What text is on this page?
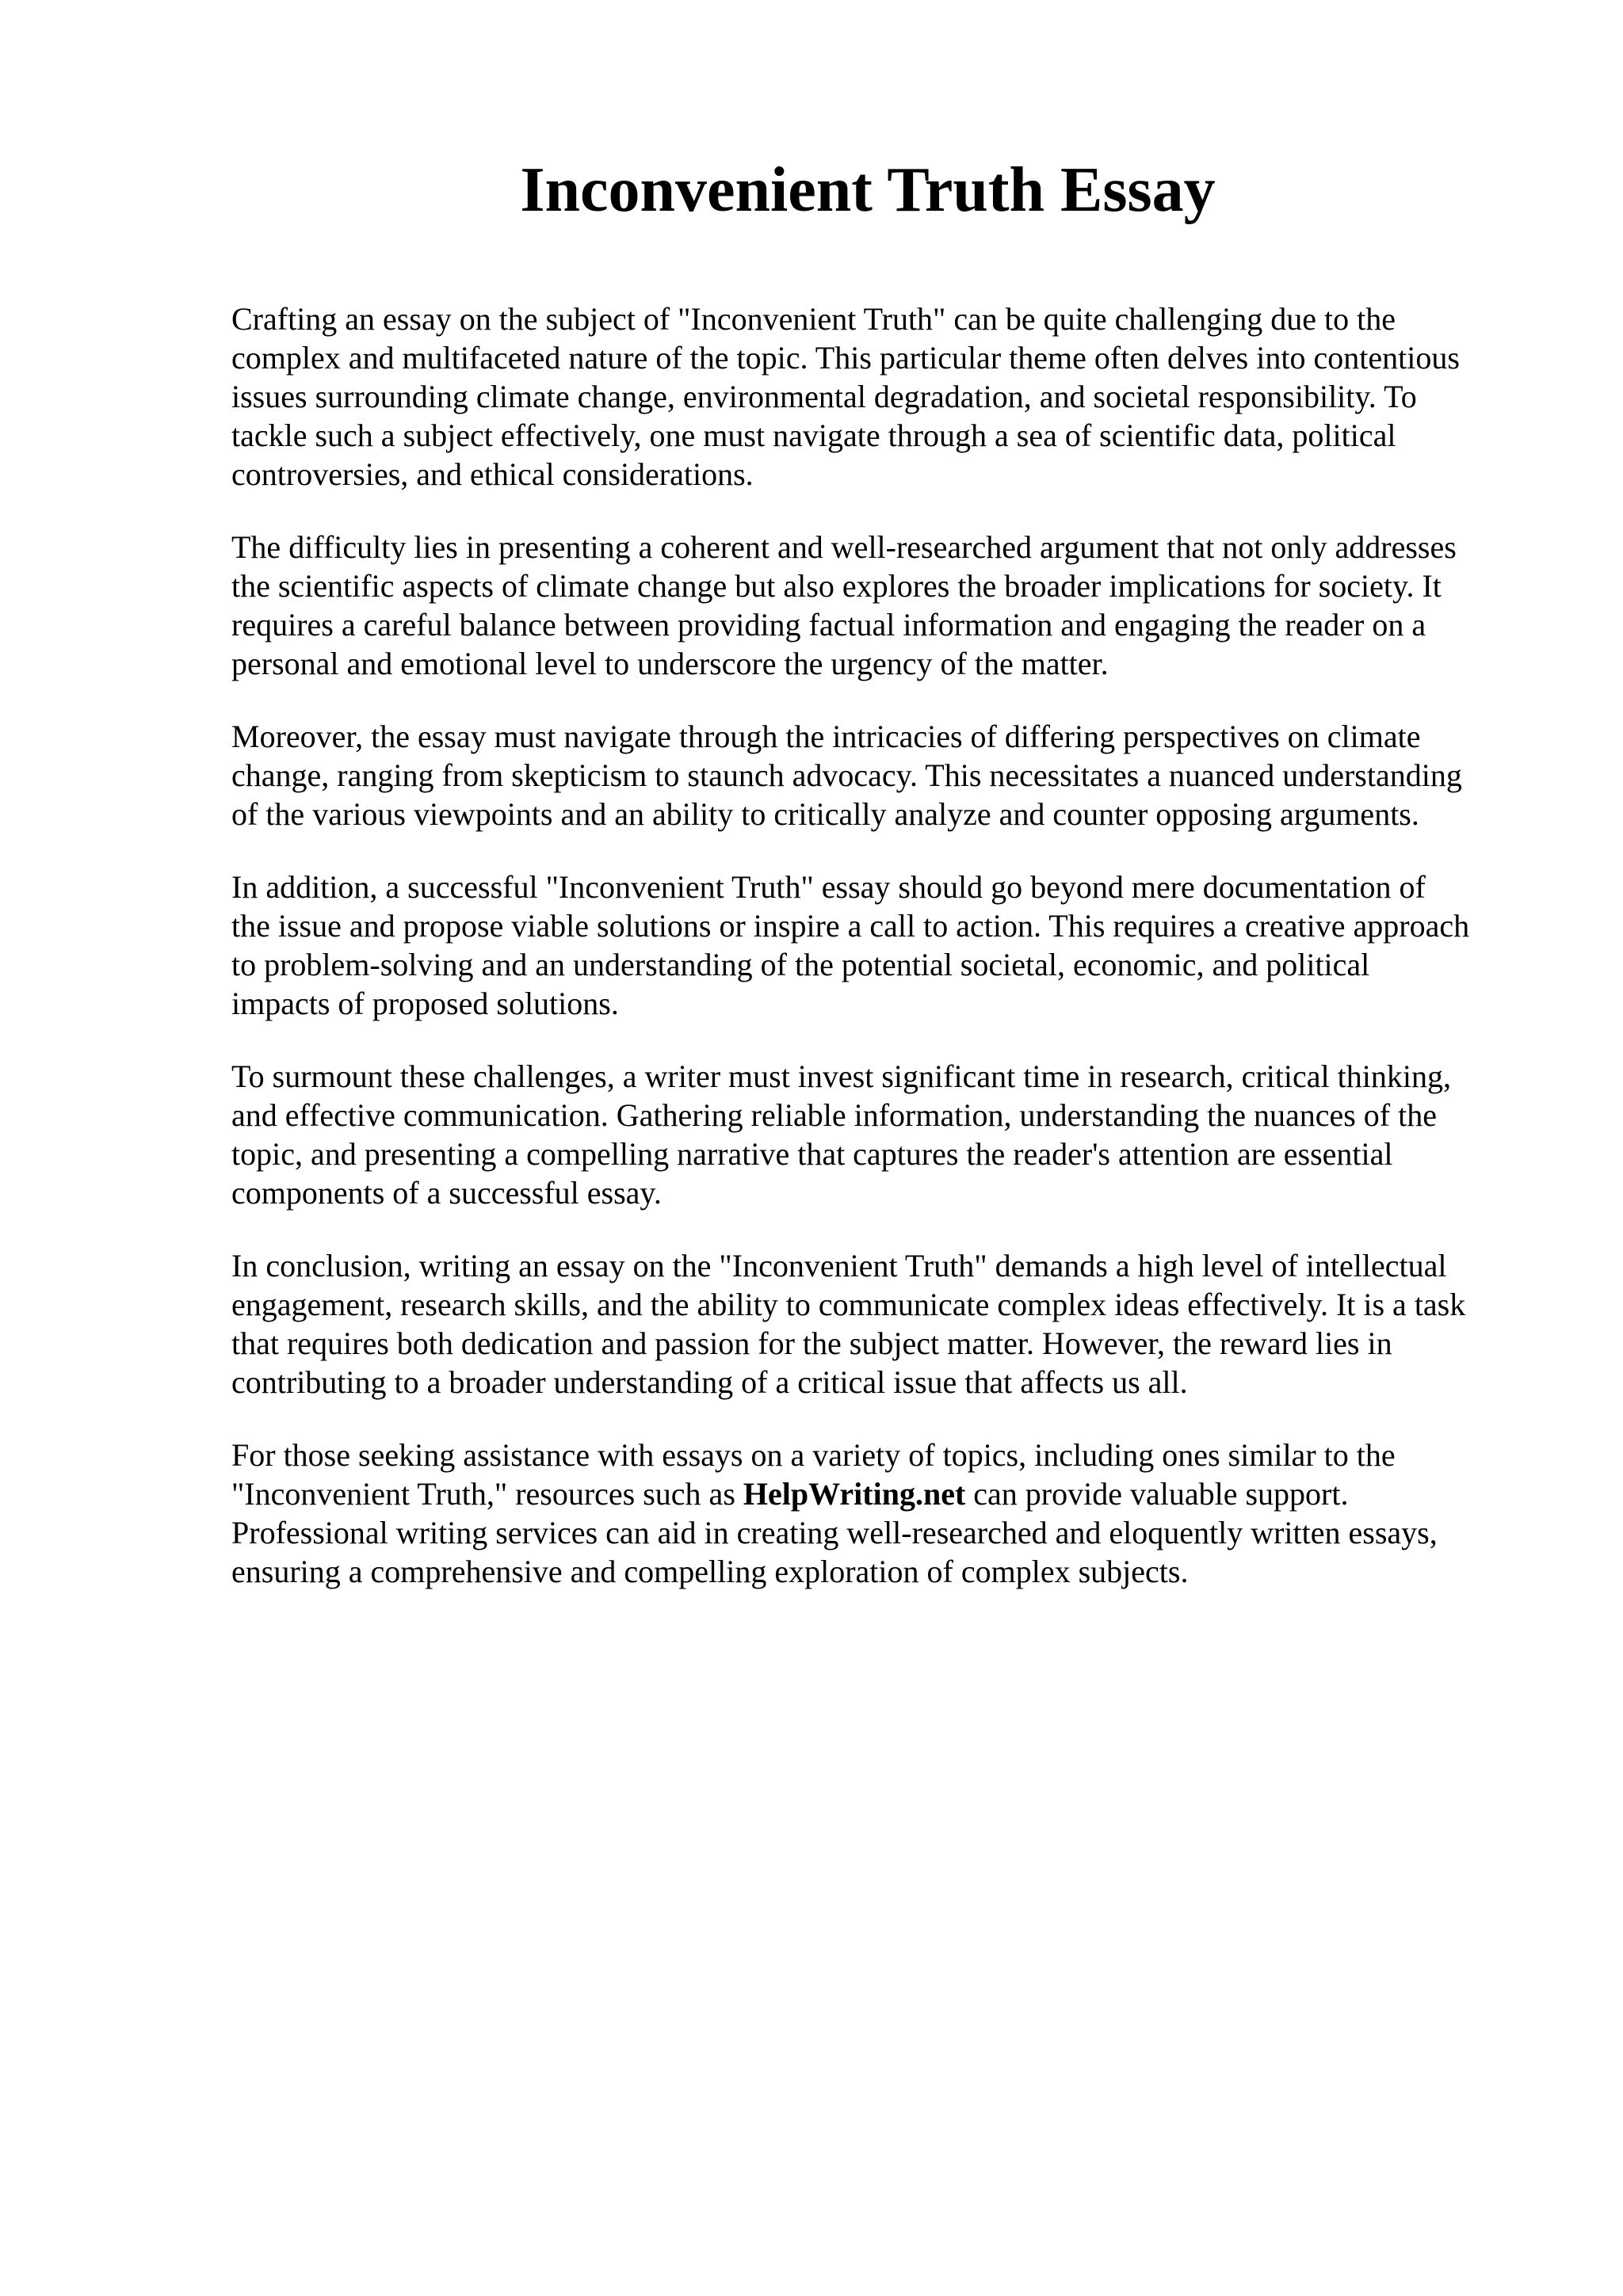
Inconvenient Truth Essay

Crafting an essay on the subject of "Inconvenient Truth" can be quite challenging due to the
complex and multifaceted nature of the topic. This particular theme often delves into contentious
issues surrounding climate change, environmental degradation, and societal responsibility. To
tackle such a subject effectively, one must navigate through a sea of scientific data, political
controversies, and ethical considerations.

The difficulty lies in presenting a coherent and well-researched argument that not only addresses
the scientific aspects of climate change but also explores the broader implications for society. It
requires a careful balance between providing factual information and engaging the reader on a
personal and emotional level to underscore the urgency of the matter.

Moreover, the essay must navigate through the intricacies of differing perspectives on climate
change, ranging from skepticism to staunch advocacy. This necessitates a nuanced understanding
of the various viewpoints and an ability to critically analyze and counter opposing arguments.

In addition, a successful "Inconvenient Truth" essay should go beyond mere documentation of
the issue and propose viable solutions or inspire a call to action. This requires a creative approach
to problem-solving and an understanding of the potential societal, economic, and political
impacts of proposed solutions.

To surmount these challenges, a writer must invest significant time in research, critical thinking,
and effective communication. Gathering reliable information, understanding the nuances of the
topic, and presenting a compelling narrative that captures the reader's attention are essential
components of a successful essay.

In conclusion, writing an essay on the "Inconvenient Truth" demands a high level of intellectual
engagement, research skills, and the ability to communicate complex ideas effectively. It is a task
that requires both dedication and passion for the subject matter. However, the reward lies in
contributing to a broader understanding of a critical issue that affects us all.

For those seeking assistance with essays on a variety of topics, including ones similar to the
"Inconvenient Truth," resources such as HelpWriting.net can provide valuable support.
Professional writing services can aid in creating well-researched and eloquently written essays,
ensuring a comprehensive and compelling exploration of complex subjects.
